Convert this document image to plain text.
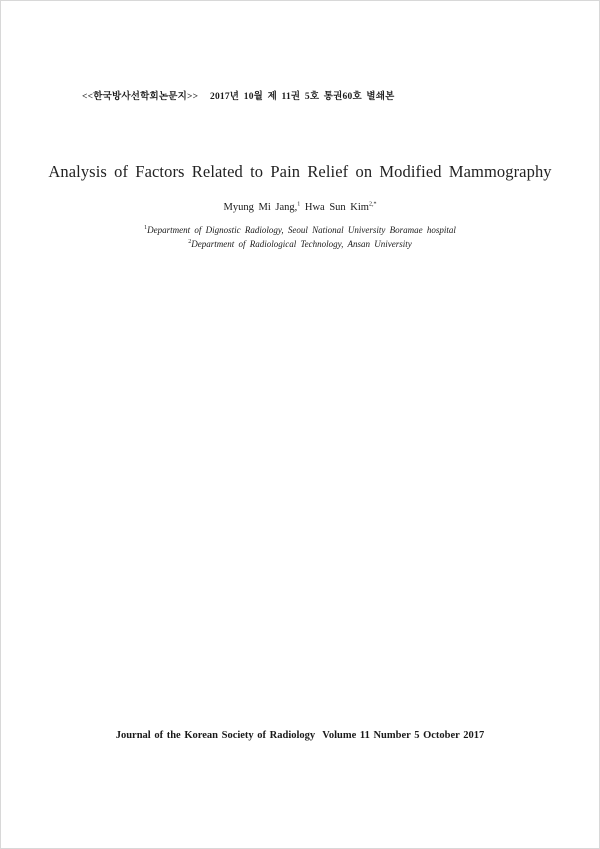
<<한국방사선학회논문지>> 2017년 10월 제 11권 5호 통권60호 별쇄본
Analysis of Factors Related to Pain Relief on Modified Mammography
Myung Mi Jang,$^1$ Hwa Sun Kim$^{2,*}$
$^1$Department of Dignostic Radiology, Seoul National University Boramae hospital
$^2$Department of Radiological Technology, Ansan University
Journal of the Korean Society of Radiology Volume 11 Number 5 October 2017
